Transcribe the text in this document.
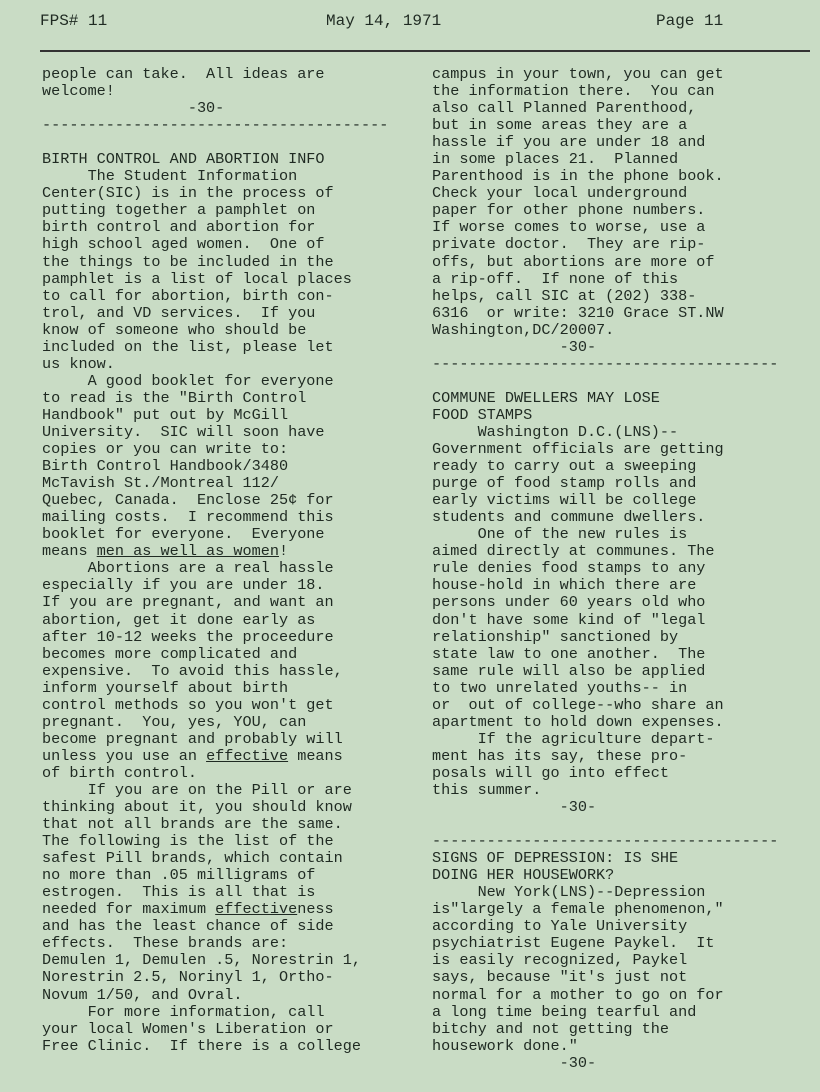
FPS# 11	May 14, 1971	Page 11
people can take.  All ideas are
welcome!
-30-
--------------------------------------
BIRTH CONTROL AND ABORTION INFO
The Student Information
Center(SIC) is in the process of
putting together a pamphlet on
birth control and abortion for
high school aged women.  One of
the things to be included in the
pamphlet is a list of local places
to call for abortion, birth con-
trol, and VD services.  If you
know of someone who should be
included on the list, please let
us know.
A good booklet for everyone
to read is the "Birth Control
Handbook" put out by McGill
University.  SIC will soon have
copies or you can write to:
Birth Control Handbook/3480
McTavish St./Montreal 112/
Quebec, Canada.  Enclose 25¢ for
mailing costs.  I recommend this
booklet for everyone.  Everyone
means men as well as women!
Abortions are a real hassle
especially if you are under 18.
If you are pregnant, and want an
abortion, get it done early as
after 10-12 weeks the proceedure
becomes more complicated and
expensive.  To avoid this hassle,
inform yourself about birth
control methods so you won't get
pregnant.  You, yes, YOU, can
become pregnant and probably will
unless you use an effective means
of birth control.
If you are on the Pill or are
thinking about it, you should know
that not all brands are the same.
The following is the list of the
safest Pill brands, which contain
no more than .05 milligrams of
estrogen.  This is all that is
needed for maximum effectiveness
and has the least chance of side
effects.  These brands are:
Demulen 1, Demulen .5, Norestrin 1,
Norestrin 2.5, Norinyl 1, Ortho-
Novum 1/50, and Ovral.
For more information, call
your local Women's Liberation or
Free Clinic.  If there is a college
campus in your town, you can get
the information there.  You can
also call Planned Parenthood,
but in some areas they are a
hassle if you are under 18 and
in some places 21.  Planned
Parenthood is in the phone book.
Check your local underground
paper for other phone numbers.
If worse comes to worse, use a
private doctor.  They are rip-
offs, but abortions are more of
a rip-off.  If none of this
helps, call SIC at (202) 338-
6316  or write: 3210 Grace ST.NW
Washington,DC/20007.
-30-
--------------------------------------
COMMUNE DWELLERS MAY LOSE
FOOD STAMPS
Washington D.C.(LNS)--
Government officials are getting
ready to carry out a sweeping
purge of food stamp rolls and
early victims will be college
students and commune dwellers.
One of the new rules is
aimed directly at communes. The
rule denies food stamps to any
house-hold in which there are
persons under 60 years old who
don't have some kind of "legal
relationship" sanctioned by
state law to one another.  The
same rule will also be applied
to two unrelated youths-- in
or  out of college--who share an
apartment to hold down expenses.
If the agriculture depart-
ment has its say, these pro-
posals will go into effect
this summer.
-30-
--------------------------------------
SIGNS OF DEPRESSION: IS SHE
DOING HER HOUSEWORK?
New York(LNS)--Depression
is"largely a female phenomenon,"
according to Yale University
psychiatrist Eugene Paykel.  It
is easily recognized, Paykel
says, because "it's just not
normal for a mother to go on for
a long time being tearful and
bitchy and not getting the
housework done."
-30-
